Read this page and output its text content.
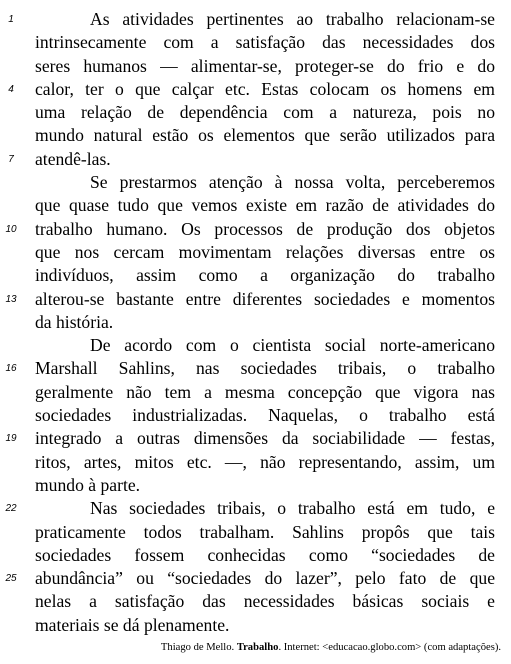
1
4
7
10
13
16
19
22
25
As atividades pertinentes ao trabalho relacionam-se
intrinsecamente com a satisfação das necessidades dos
seres humanos — alimentar-se, proteger-se do frio e do
calor, ter o que calçar etc. Estas colocam os homens em
uma relação de dependência com a natureza, pois no
mundo natural estão os elementos que serão utilizados para
atendê-las.
Se prestarmos atenção à nossa volta, perceberemos
que quase tudo que vemos existe em razão de atividades do
trabalho humano. Os processos de produção dos objetos
que nos cercam movimentam relações diversas entre os
indivíduos, assim como a organização do trabalho
alterou-se bastante entre diferentes sociedades e momentos
da história.
De acordo com o cientista social norte-americano
Marshall Sahlins, nas sociedades tribais, o trabalho
geralmente não tem a mesma concepção que vigora nas
sociedades industrializadas. Naquelas, o trabalho está
integrado a outras dimensões da sociabilidade — festas,
ritos, artes, mitos etc. —, não representando, assim, um
mundo à parte.
Nas sociedades tribais, o trabalho está em tudo, e
praticamente todos trabalham. Sahlins propôs que tais
sociedades fossem conhecidas como “sociedades de
abundância” ou “sociedades do lazer”, pelo fato de que
nelas a satisfação das necessidades básicas sociais e
materiais se dá plenamente.
Thiago de Mello. Trabalho. Internet: <educacao.globo.com> (com adaptações).
